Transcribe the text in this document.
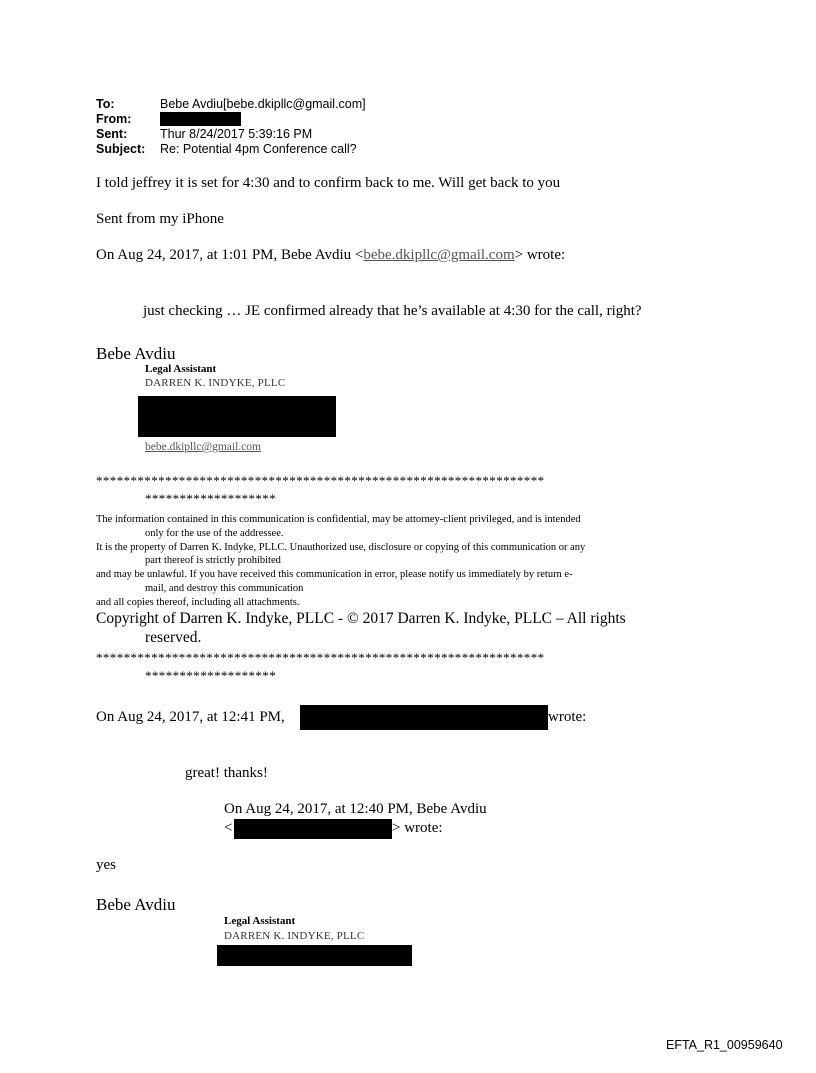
To:	Bebe Avdiu[bebe.dkipllc@gmail.com]
From:
Sent:	Thur 8/24/2017 5:39:16 PM
Subject: Re: Potential 4pm Conference call?
I told jeffrey it is set for 4:30 and to confirm back to me. Will get back to you
Sent from my iPhone
On Aug 24, 2017, at 1:01 PM, Bebe Avdiu <bebe.dkipllc@gmail.com> wrote:
just checking … JE confirmed already that he’s available at 4:30 for the call, right?
Bebe Avdiu
Legal Assistant
DARREN K. INDYKE, PLLC
bebe.dkipllc@gmail.com
*****************************************************************
*******************
The information contained in this communication is confidential, may be attorney-client privileged, and is intended
only for the use of the addressee.
It is the property of Darren K. Indyke, PLLC. Unauthorized use, disclosure or copying of this communication or any
part thereof is strictly prohibited
and may be unlawful. If you have received this communication in error, please notify us immediately by return e-
mail, and destroy this communication
and all copies thereof, including all attachments.
Copyright of Darren K. Indyke, PLLC - © 2017 Darren K. Indyke, PLLC – All rights
reserved.
*****************************************************************
*******************
On Aug 24, 2017, at 12:41 PM,	wrote:
great! thanks!
On Aug 24, 2017, at 12:40 PM, Bebe Avdiu
<	> wrote:
yes
Bebe Avdiu
Legal Assistant
DARREN K. INDYKE, PLLC
EFTA_R1_00959640
